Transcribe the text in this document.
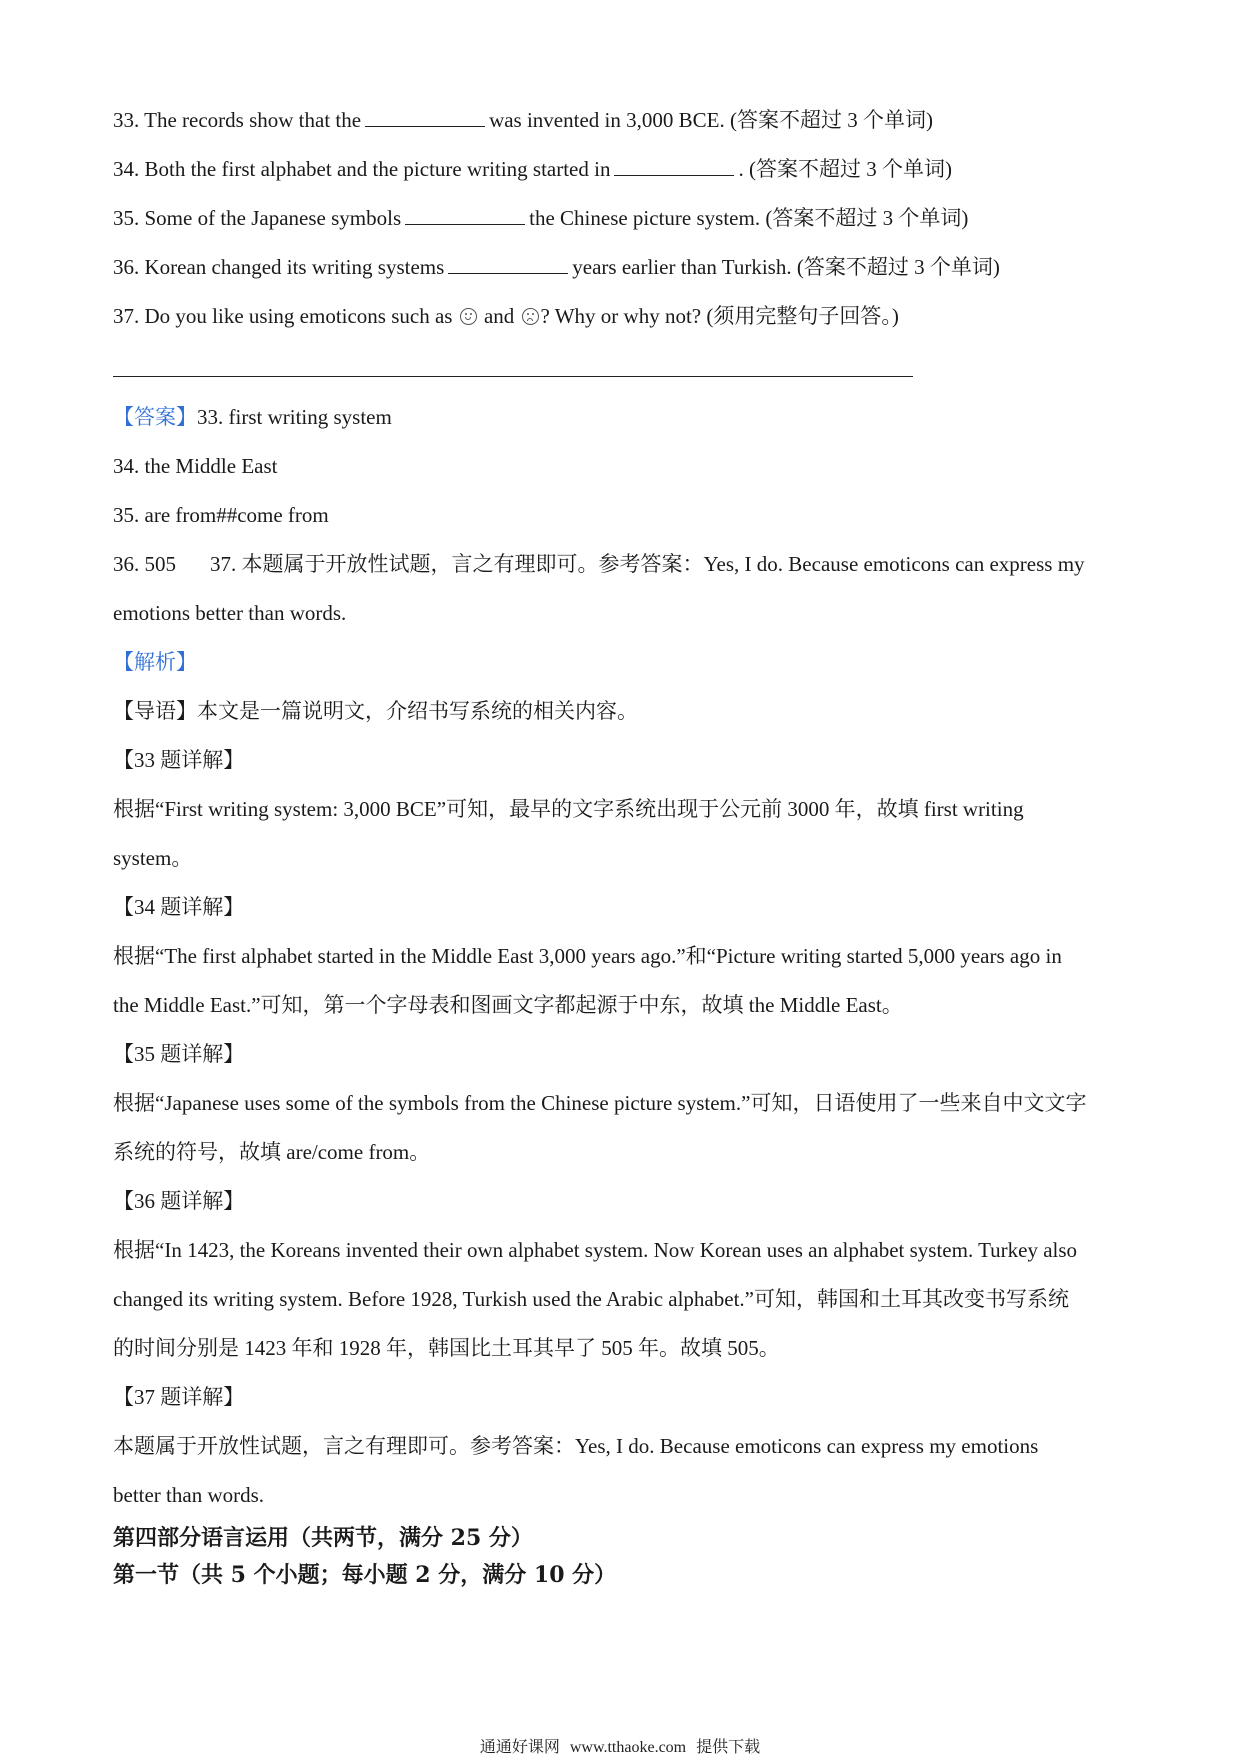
33. The records show that the	was invented in 3,000 BCE. (答案不超过 3 个单词)
34. Both the first alphabet and the picture writing started in	. (答案不超过 3 个单词)
35. Some of the Japanese symbols	the Chinese picture system. (答案不超过 3 个单词)
36. Korean changed its writing systems	years earlier than Turkish. (答案不超过 3 个单词)
37. Do you like using emoticons such as and ? Why or why not? (须用完整句子回答。)
【答案】33. first writing system
34. the Middle East
35. are from##come from
36. 505 37. 本题属于开放性试题，言之有理即可。参考答案：Yes, I do. Because emoticons can express my
emotions better than words.
【解析】
【导语】本文是一篇说明文，介绍书写系统的相关内容。
【33 题详解】
根据“First writing system: 3,000 BCE”可知，最早的文字系统出现于公元前 3000 年，故填 first writing
system。
【34 题详解】
根据“The first alphabet started in the Middle East 3,000 years ago.”和“Picture writing started 5,000 years ago in
the Middle East.”可知，第一个字母表和图画文字都起源于中东，故填 the Middle East。
【35 题详解】
根据“Japanese uses some of the symbols from the Chinese picture system.”可知，日语使用了一些来自中文文字
系统的符号，故填 are/come from。
【36 题详解】
根据“In 1423, the Koreans invented their own alphabet system. Now Korean uses an alphabet system. Turkey also
changed its writing system. Before 1928, Turkish used the Arabic alphabet.”可知，韩国和土耳其改变书写系统
的时间分别是 1423 年和 1928 年，韩国比土耳其早了 505 年。故填 505。
【37 题详解】
本题属于开放性试题，言之有理即可。参考答案：Yes, I do. Because emoticons can express my emotions
better than words.
第四部分语言运用（共两节，满分 25 分）
第一节（共 5 个小题；每小题 2 分，满分 10 分）
通通好课网 www.tthaoke.com 提供下载
